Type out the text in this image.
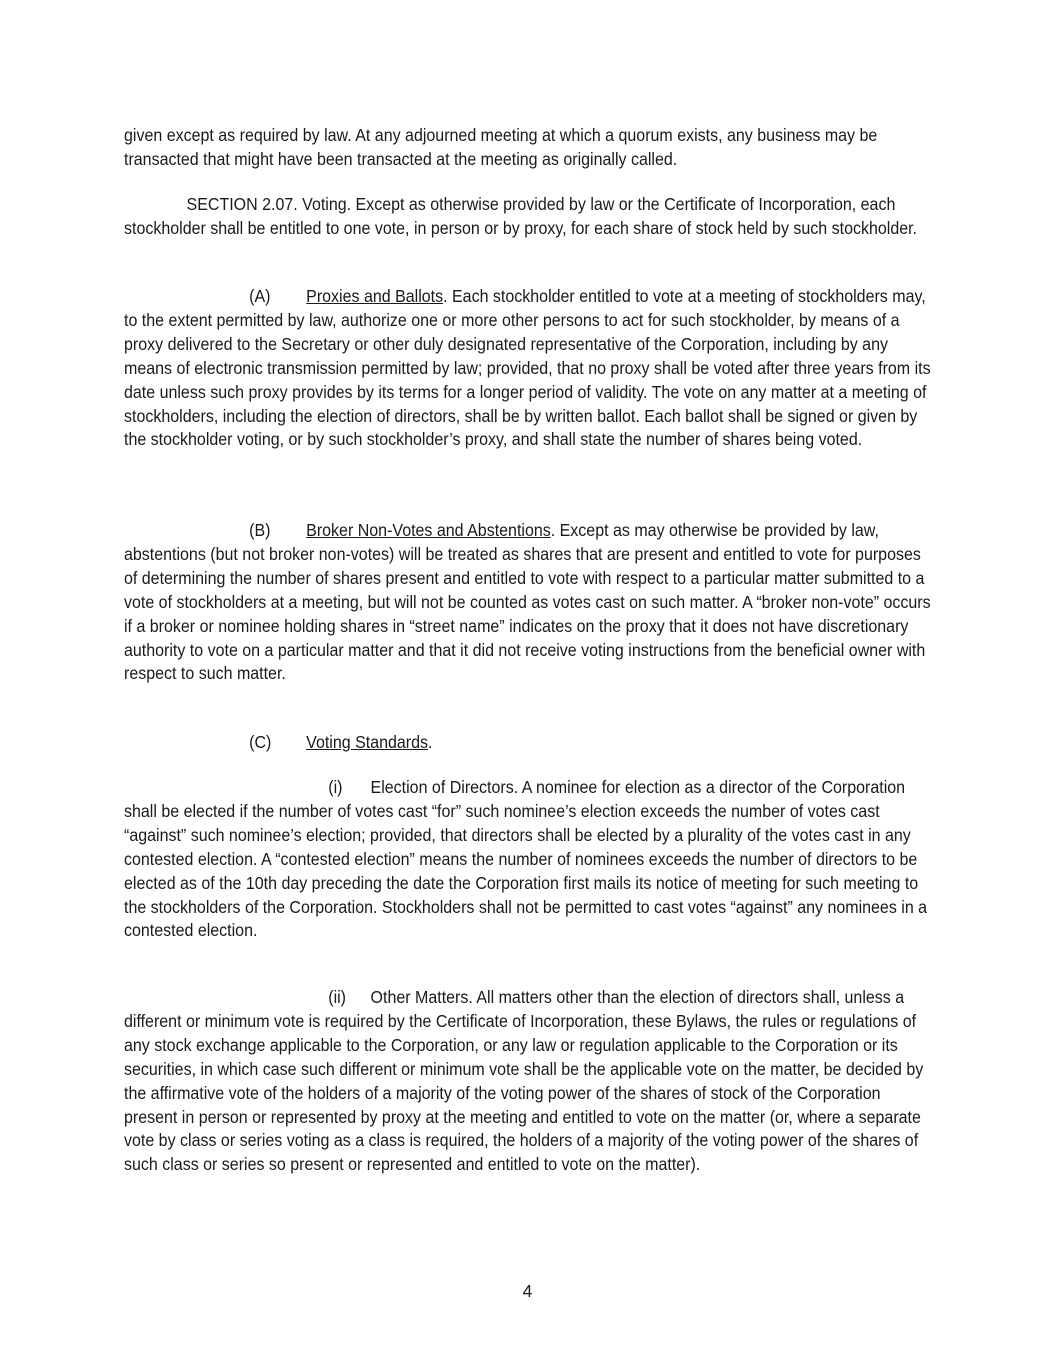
given except as required by law. At any adjourned meeting at which a quorum exists, any business may be transacted that might have been transacted at the meeting as originally called.
SECTION 2.07. Voting. Except as otherwise provided by law or the Certificate of Incorporation, each stockholder shall be entitled to one vote, in person or by proxy, for each share of stock held by such stockholder.
(A) Proxies and Ballots. Each stockholder entitled to vote at a meeting of stockholders may, to the extent permitted by law, authorize one or more other persons to act for such stockholder, by means of a proxy delivered to the Secretary or other duly designated representative of the Corporation, including by any means of electronic transmission permitted by law; provided, that no proxy shall be voted after three years from its date unless such proxy provides by its terms for a longer period of validity. The vote on any matter at a meeting of stockholders, including the election of directors, shall be by written ballot. Each ballot shall be signed or given by the stockholder voting, or by such stockholder’s proxy, and shall state the number of shares being voted.
(B) Broker Non-Votes and Abstentions. Except as may otherwise be provided by law, abstentions (but not broker non-votes) will be treated as shares that are present and entitled to vote for purposes of determining the number of shares present and entitled to vote with respect to a particular matter submitted to a vote of stockholders at a meeting, but will not be counted as votes cast on such matter. A “broker non-vote” occurs if a broker or nominee holding shares in “street name” indicates on the proxy that it does not have discretionary authority to vote on a particular matter and that it did not receive voting instructions from the beneficial owner with respect to such matter.
(C) Voting Standards.
(i) Election of Directors. A nominee for election as a director of the Corporation shall be elected if the number of votes cast “for” such nominee’s election exceeds the number of votes cast “against” such nominee’s election; provided, that directors shall be elected by a plurality of the votes cast in any contested election. A “contested election” means the number of nominees exceeds the number of directors to be elected as of the 10th day preceding the date the Corporation first mails its notice of meeting for such meeting to the stockholders of the Corporation. Stockholders shall not be permitted to cast votes “against” any nominees in a contested election.
(ii) Other Matters. All matters other than the election of directors shall, unless a different or minimum vote is required by the Certificate of Incorporation, these Bylaws, the rules or regulations of any stock exchange applicable to the Corporation, or any law or regulation applicable to the Corporation or its securities, in which case such different or minimum vote shall be the applicable vote on the matter, be decided by the affirmative vote of the holders of a majority of the voting power of the shares of stock of the Corporation present in person or represented by proxy at the meeting and entitled to vote on the matter (or, where a separate vote by class or series voting as a class is required, the holders of a majority of the voting power of the shares of such class or series so present or represented and entitled to vote on the matter).
4
